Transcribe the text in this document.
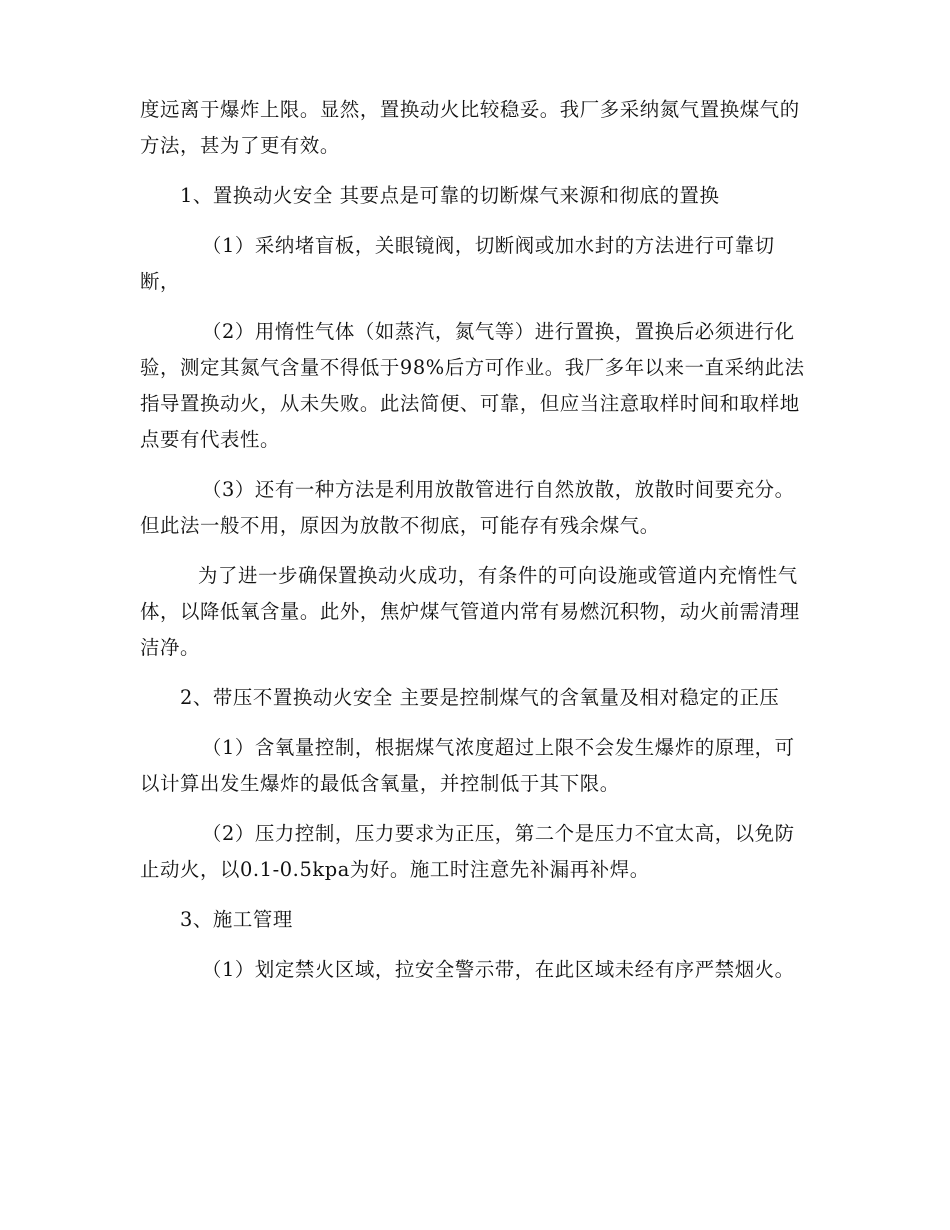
度远离于爆炸上限。显然，置换动火比较稳妥。我厂多采纳氮气置换煤气的方法，甚为了更有效。

1、置换动火安全 其要点是可靠的切断煤气来源和彻底的置换

（1）采纳堵盲板，关眼镜阀，切断阀或加水封的方法进行可靠切断，

（2）用惰性气体（如蒸汽，氮气等）进行置换，置换后必须进行化验，测定其氮气含量不得低于98%后方可作业。我厂多年以来一直采纳此法指导置换动火，从未失败。此法简便、可靠，但应当注意取样时间和取样地点要有代表性。

（3）还有一种方法是利用放散管进行自然放散，放散时间要充分。但此法一般不用，原因为放散不彻底，可能存有残余煤气。

为了进一步确保置换动火成功，有条件的可向设施或管道内充惰性气体，以降低氧含量。此外，焦炉煤气管道内常有易燃沉积物，动火前需清理洁净。

2、带压不置换动火安全 主要是控制煤气的含氧量及相对稳定的正压

（1）含氧量控制，根据煤气浓度超过上限不会发生爆炸的原理，可以计算出发生爆炸的最低含氧量，并控制低于其下限。

（2）压力控制，压力要求为正压，第二个是压力不宜太高，以免防止动火，以0.1-0.5kpa为好。施工时注意先补漏再补焊。

3、施工管理

（1）划定禁火区域，拉安全警示带，在此区域未经有序严禁烟火。
